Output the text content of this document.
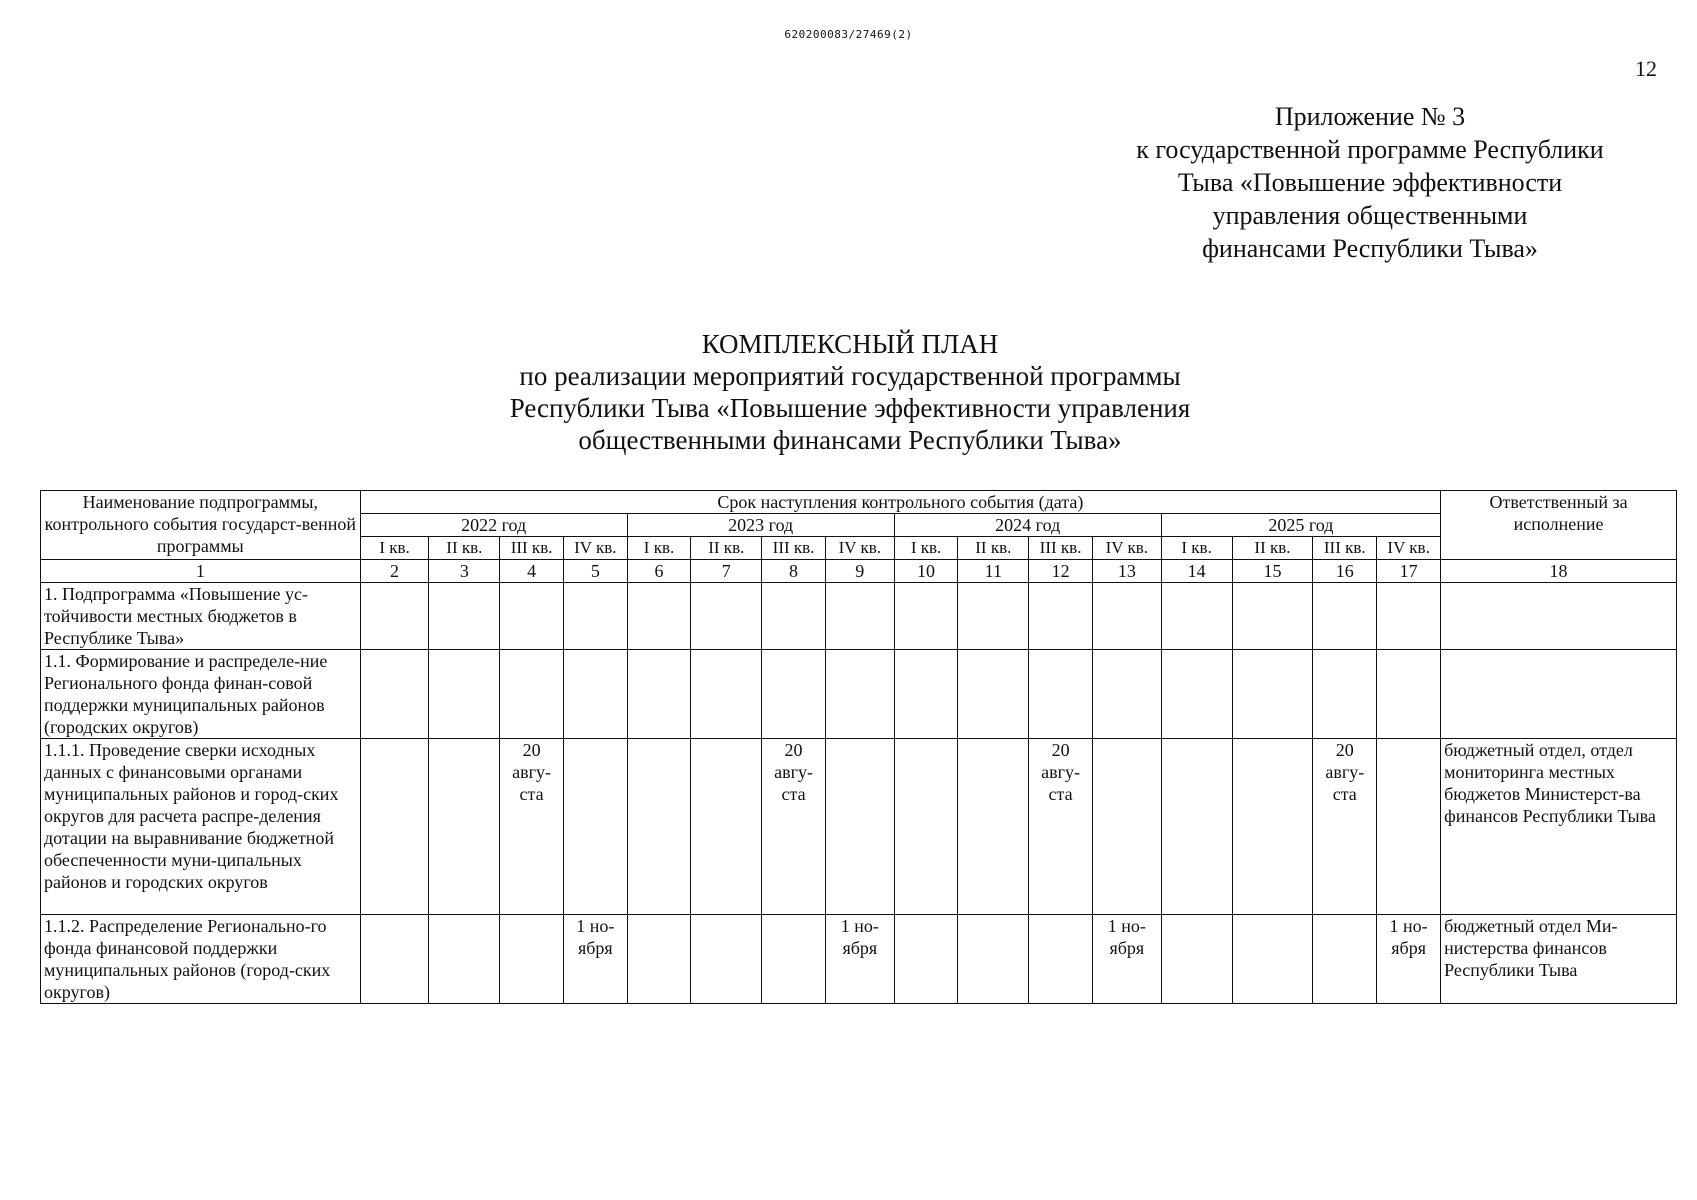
620200083/27469(2)
12
Приложение № 3
к государственной программе Республики
Тыва «Повышение эффективности
управления общественными
финансами Республики Тыва»
КОМПЛЕКСНЫЙ ПЛАН
по реализации мероприятий государственной программы
Республики Тыва «Повышение эффективности управления
общественными финансами Республики Тыва»
Наименование подпрограммы, контрольного события государст-венной программы	Срок наступления контрольного события (дата)																Ответственный за исполнение
	2022 год				2023 год				2024 год				2025 год				
	I кв.	II кв.	III кв.	IV кв.	I кв.	II кв.	III кв.	IV кв.	I кв.	II кв.	III кв.	IV кв.	I кв.	II кв.	III кв.	IV кв.	
1	2	3	4	5	6	7	8	9	10	11	12	13	14	15	16	17	18
1. Подпрограмма «Повышение ус-тойчивости местных бюджетов в Республике Тыва»																	
1.1. Формирование и распределе-ние Регионального фонда финан-совой поддержки муниципальных районов (городских округов)																	
1.1.1. Проведение сверки исходных данных с финансовыми органами муниципальных районов и город-ских округов для расчета распре-деления дотации на выравнивание бюджетной обеспеченности муни-ципальных районов и городских округов			20 авгу-ста				20 авгу-ста				20 авгу-ста				20 авгу-ста		бюджетный отдел, отдел мониторинга местных бюджетов Министерст-ва финансов Республики Тыва
1.1.2. Распределение Регионально-го фонда финансовой поддержки муниципальных районов (город-ских округов)				1 но-ября				1 но-ября				1 но-ября				1 но-ября	бюджетный отдел Ми-нистерства финансов Республики Тыва
